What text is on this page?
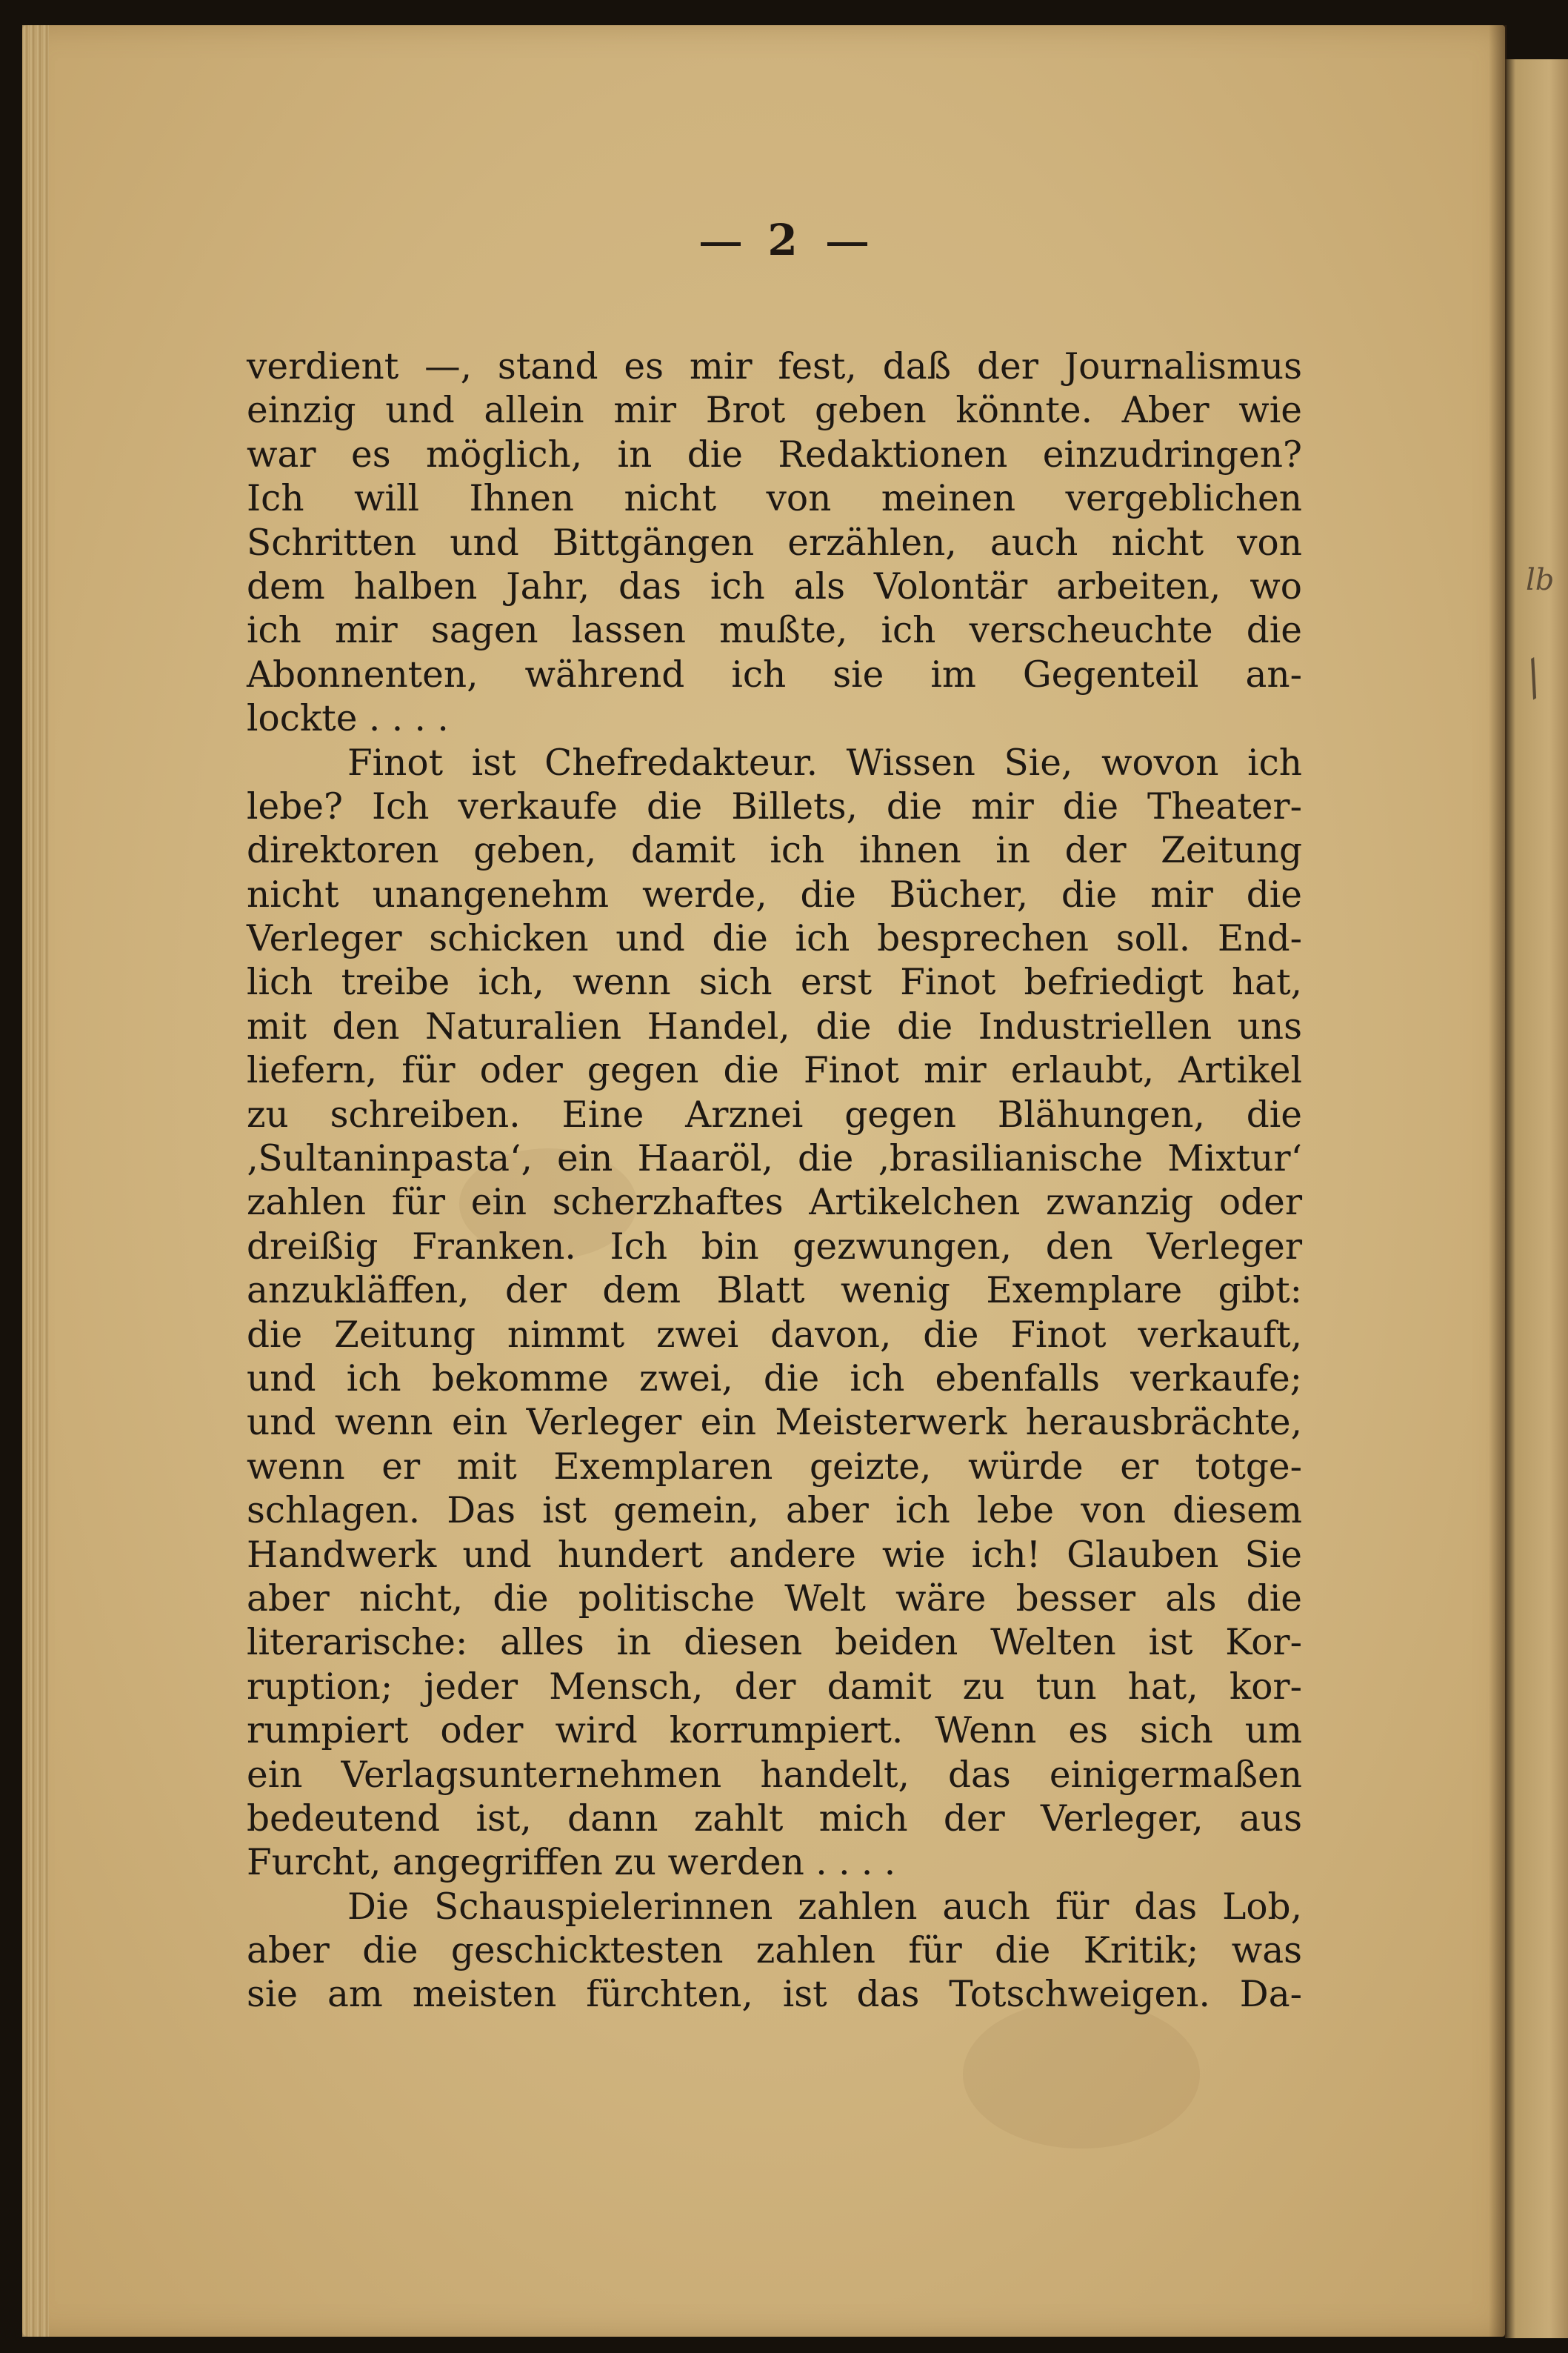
2
verdient —, stand es mir fest, daß der Journalismus
einzig und allein mir Brot geben könnte. Aber wie
war es möglich, in die Redaktionen einzudringen?
Ich will Ihnen nicht von meinen vergeblichen
Schritten und Bittgängen erzählen, auch nicht von
dem halben Jahr, das ich als Volontär arbeiten, wo
ich mir sagen lassen mußte, ich verscheuchte die
Abonnenten, während ich sie im Gegenteil an-
lockte . . . .
Finot ist Chefredakteur. Wissen Sie, wovon ich
lebe? Ich verkaufe die Billets, die mir die Theater-
direktoren geben, damit ich ihnen in der Zeitung
nicht unangenehm werde, die Bücher, die mir die
Verleger schicken und die ich besprechen soll. End-
lich treibe ich, wenn sich erst Finot befriedigt hat,
mit den Naturalien Handel, die die Industriellen uns
liefern, für oder gegen die Finot mir erlaubt, Artikel
zu schreiben. Eine Arznei gegen Blähungen, die
‚Sultaninpasta‘, ein Haaröl, die ‚brasilianische Mixtur‘
zahlen für ein scherzhaftes Artikelchen zwanzig oder
dreißig Franken. Ich bin gezwungen, den Verleger
anzukläffen, der dem Blatt wenig Exemplare gibt:
die Zeitung nimmt zwei davon, die Finot verkauft,
und ich bekomme zwei, die ich ebenfalls verkaufe;
und wenn ein Verleger ein Meisterwerk herausbrächte,
wenn er mit Exemplaren geizte, würde er totge-
schlagen. Das ist gemein, aber ich lebe von diesem
Handwerk und hundert andere wie ich! Glauben Sie
aber nicht, die politische Welt wäre besser als die
literarische: alles in diesen beiden Welten ist Kor-
ruption; jeder Mensch, der damit zu tun hat, kor-
rumpiert oder wird korrumpiert. Wenn es sich um
ein Verlagsunternehmen handelt, das einigermaßen
bedeutend ist, dann zahlt mich der Verleger, aus
Furcht, angegriffen zu werden . . . .
Die Schauspielerinnen zahlen auch für das Lob,
aber die geschicktesten zahlen für die Kritik; was
sie am meisten fürchten, ist das Totschweigen. Da-
lb
/
